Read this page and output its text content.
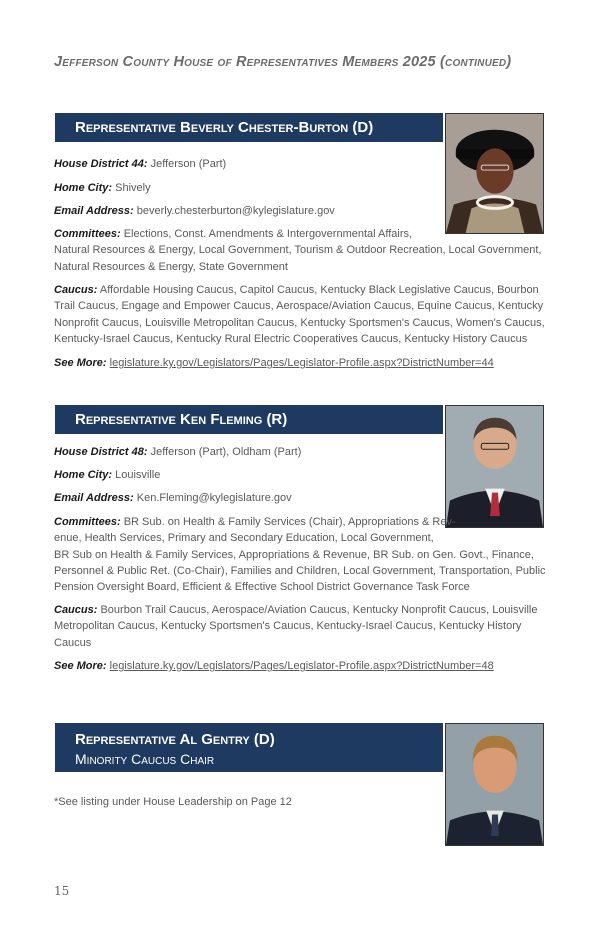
Jefferson County House of Representatives Members 2025 (continued)
Representative Beverly Chester-Burton (D)
House District 44: Jefferson (Part)
Home City: Shively
Email Address: beverly.chesterburton@kylegislature.gov
Committees: Elections, Const. Amendments & Intergovernmental Affairs,
Natural Resources & Energy, Local Government, Tourism & Outdoor Recreation, Local Government,
Natural Resources & Energy, State Government
Caucus: Affordable Housing Caucus, Capitol Caucus, Kentucky Black Legislative Caucus, Bourbon
Trail Caucus, Engage and Empower Caucus, Aerospace/Aviation Caucus, Equine Caucus, Kentucky
Nonprofit Caucus, Louisville Metropolitan Caucus, Kentucky Sportsmen's Caucus, Women's Caucus,
Kentucky-Israel Caucus, Kentucky Rural Electric Cooperatives Caucus, Kentucky History Caucus
See More: legislature.ky.gov/Legislators/Pages/Legislator-Profile.aspx?DistrictNumber=44
Representative Ken Fleming (R)
House District 48: Jefferson (Part), Oldham (Part)
Home City: Louisville
Email Address: Ken.Fleming@kylegislature.gov
Committees: BR Sub. on Health & Family Services (Chair), Appropriations & Rev-
enue, Health Services, Primary and Secondary Education, Local Government,
BR Sub on Health & Family Services, Appropriations & Revenue, BR Sub. on Gen. Govt., Finance,
Personnel & Public Ret. (Co-Chair), Families and Children, Local Government, Transportation, Public
Pension Oversight Board, Efficient & Effective School District Governance Task Force
Caucus: Bourbon Trail Caucus, Aerospace/Aviation Caucus, Kentucky Nonprofit Caucus, Louisville
Metropolitan Caucus, Kentucky Sportsmen's Caucus, Kentucky-Israel Caucus, Kentucky History
Caucus
See More: legislature.ky.gov/Legislators/Pages/Legislator-Profile.aspx?DistrictNumber=48
Representative Al Gentry (D)
Minority Caucus Chair
*See listing under House Leadership on Page 12
15
